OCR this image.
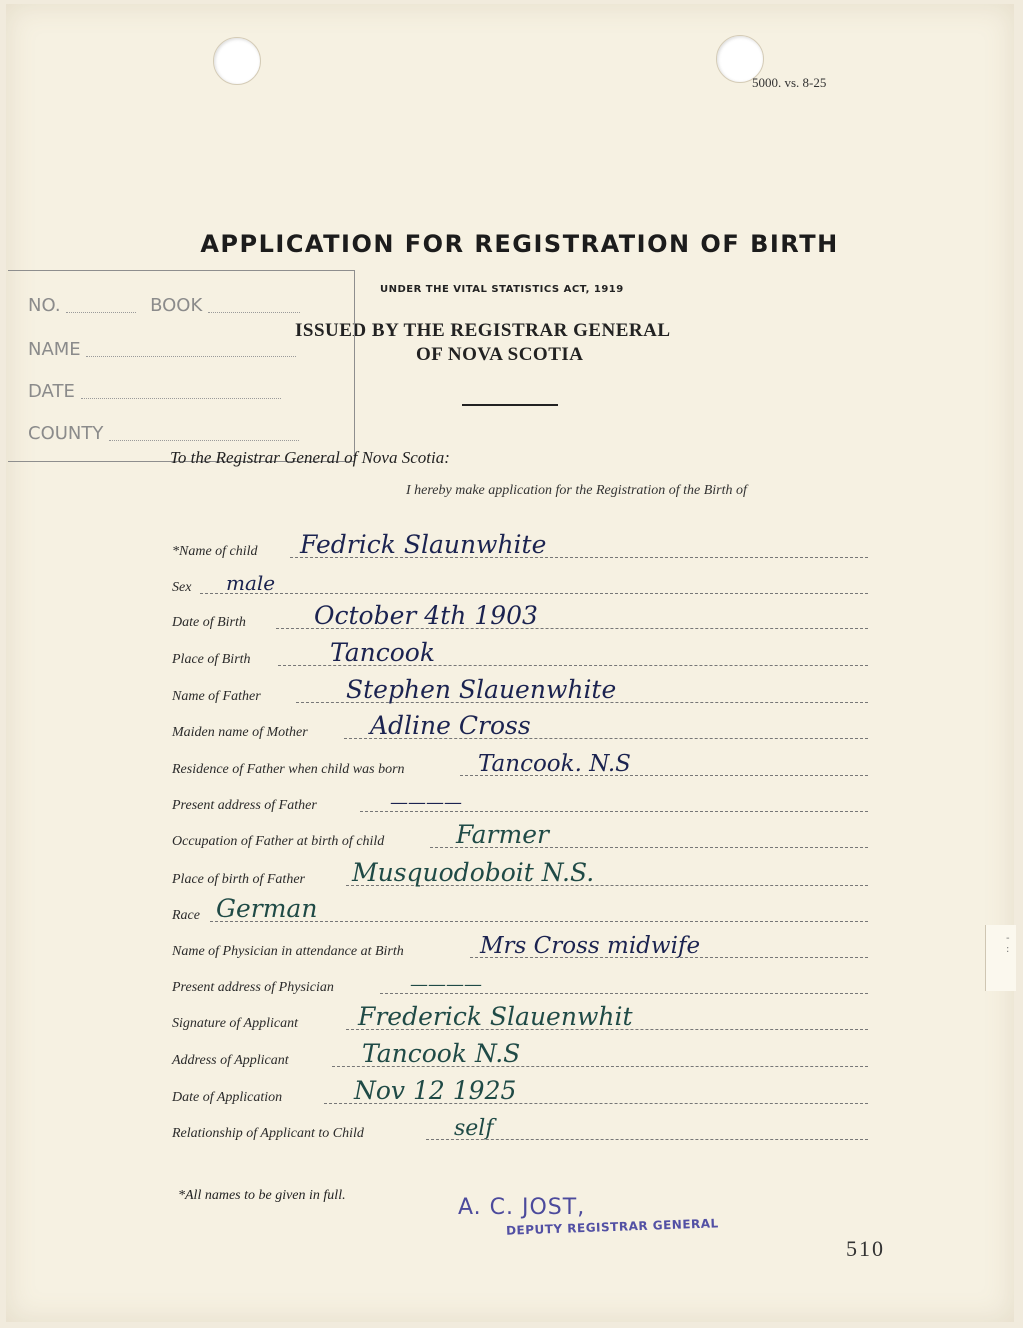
- :
5000. vs. 8-25
APPLICATION FOR REGISTRATION OF BIRTH
UNDER THE VITAL STATISTICS ACT, 1919
ISSUED BY THE REGISTRAR GENERAL
OF NOVA SCOTIA
NO.	BOOK
NAME
DATE
COUNTY
To the Registrar General of Nova Scotia:
I hereby make application for the Registration of the Birth of
*Name of child Fedrick Slaunwhite
Sex male
Date of Birth	October 4th 1903
Place of Birth	Tancook
Name of Father	Stephen Slauenwhite
Maiden name of Mother Adline Cross
Residence of Father when child was born	Tancook. N.S
Present address of Father	————
Occupation of Father at birth of child	Farmer
Place of birth of Father Musquodoboit N.S.
Race German
Name of Physician in attendance at Birth	Mrs Cross midwife
Present address of Physician	————
Signature of Applicant Frederick Slauenwhit
Address of Applicant	Tancook N.S
Date of Application	Nov 12 1925
Relationship of Applicant to Child	self
*All names to be given in full.	A. C. JOST,
DEPUTY REGISTRAR GENERAL
510
